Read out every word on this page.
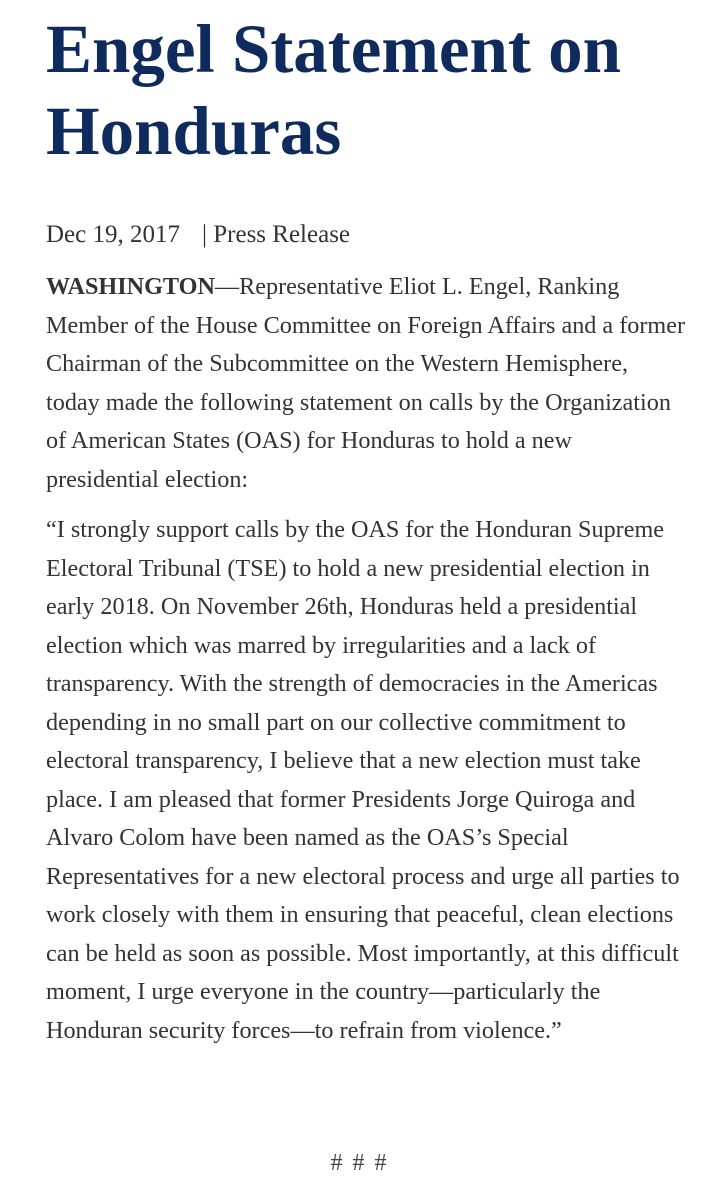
Engel Statement on
Honduras
Dec 19, 2017 | Press Release

WASHINGTON—Representative Eliot L. Engel, Ranking Member of the House Committee on Foreign Affairs and a former Chairman of the Subcommittee on the Western Hemisphere, today made the following statement on calls by the Organization of American States (OAS) for Honduras to hold a new presidential election:

“I strongly support calls by the OAS for the Honduran Supreme Electoral Tribunal (TSE) to hold a new presidential election in early 2018. On November 26th, Honduras held a presidential election which was marred by irregularities and a lack of transparency. With the strength of democracies in the Americas depending in no small part on our collective commitment to electoral transparency, I believe that a new election must take place. I am pleased that former Presidents Jorge Quiroga and Alvaro Colom have been named as the OAS’s Special Representatives for a new electoral process and urge all parties to work closely with them in ensuring that peaceful, clean elections can be held as soon as possible. Most importantly, at this difficult moment, I urge everyone in the country—particularly the Honduran security forces—to refrain from violence.”

# # #
